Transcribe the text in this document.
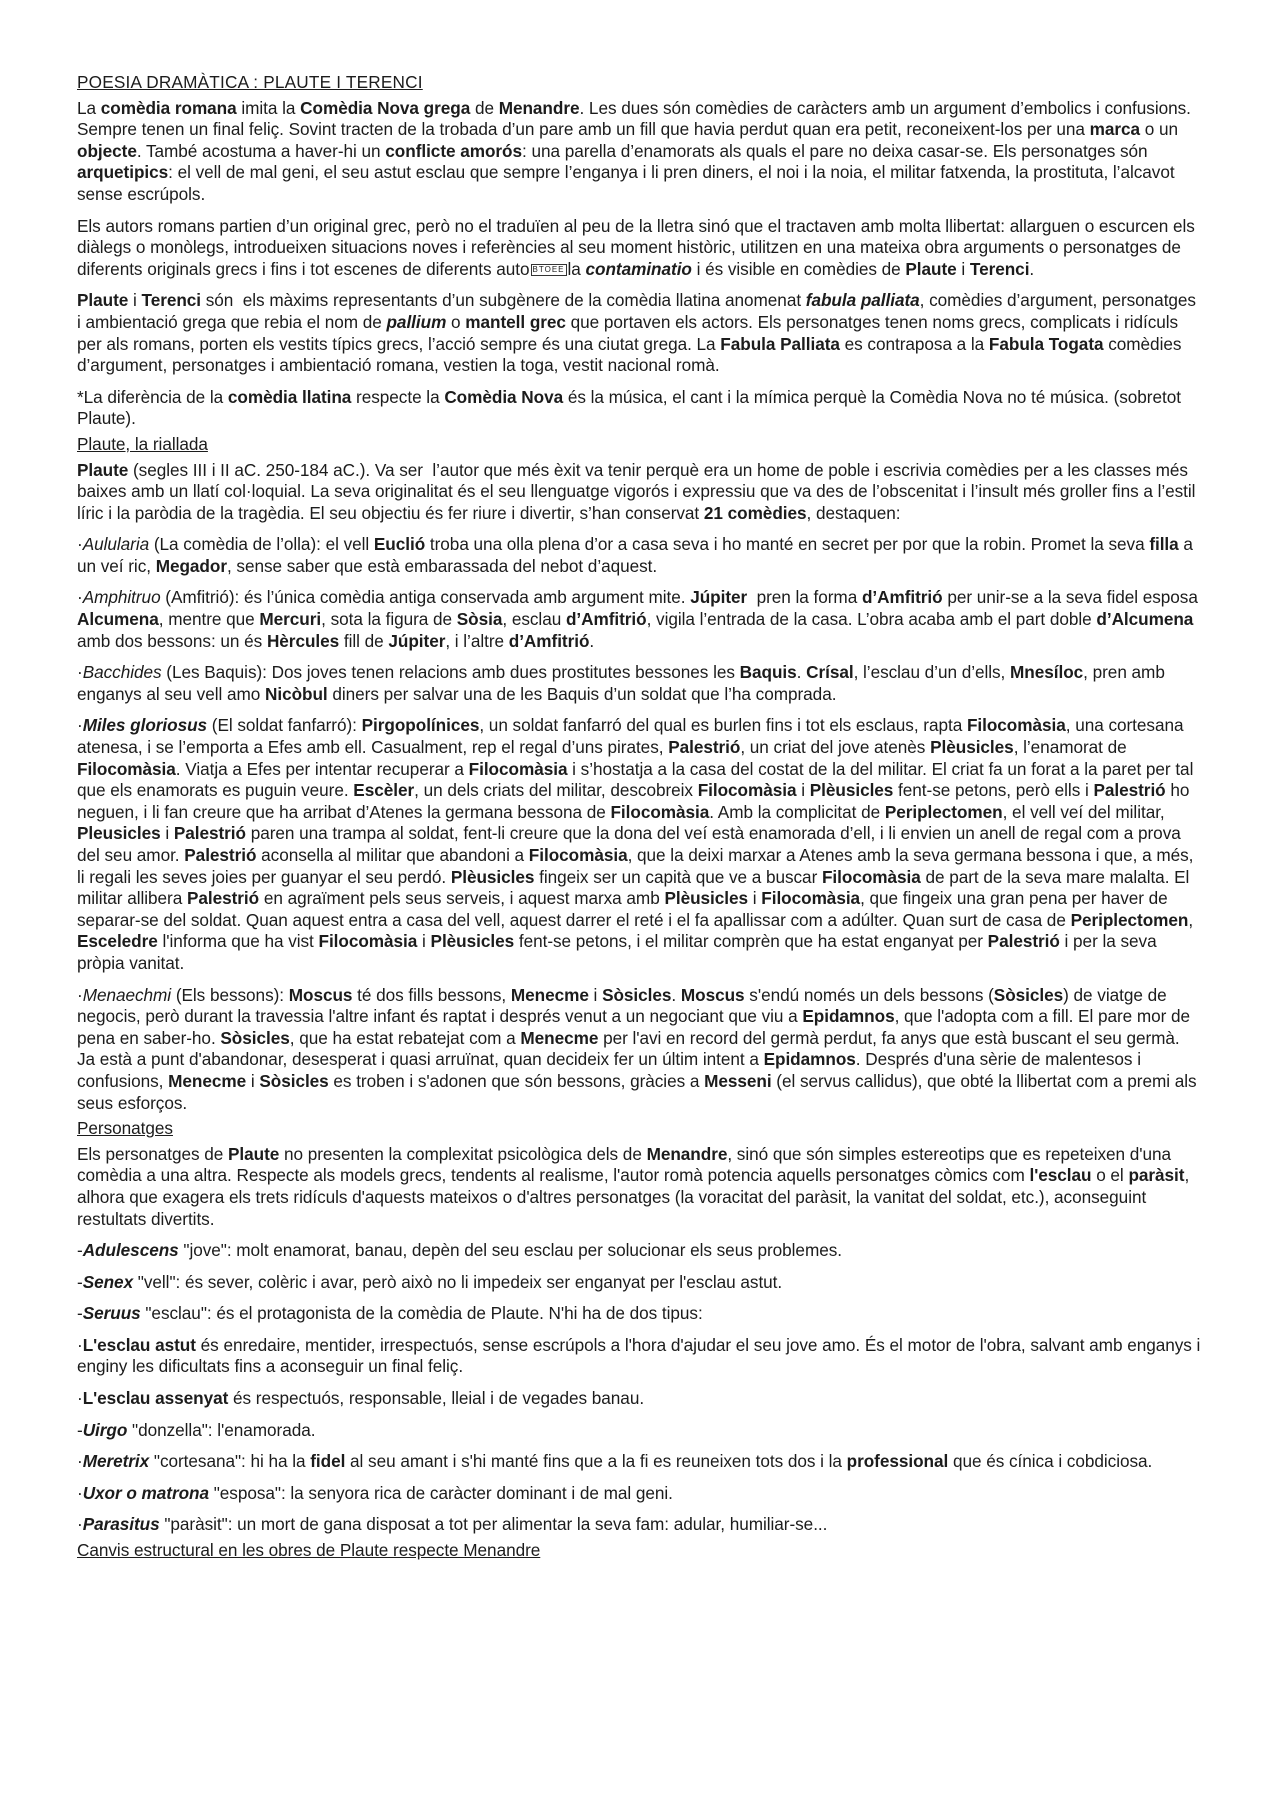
POESIA DRAMÀTICA : PLAUTE I TERENCI

La comèdia romana imita la Comèdia Nova grega de Menandre. Les dues són comèdies de caràcters amb un argument d’embolics i confusions. Sempre tenen un final feliç. Sovint tracten de la trobada d’un pare amb un fill que havia perdut quan era petit, reconeixent-los per una marca o un objecte. També acostuma a haver-hi un conflicte amorós: una parella d’enamorats als quals el pare no deixa casar-se. Els personatges són arquetipics: el vell de mal geni, el seu astut esclau que sempre l’enganya i li pren diners, el noi i la noia, el militar fatxenda, la prostituta, l’alcavot sense escrúpols.

Els autors romans partien d’un original grec, però no el traduïen al peu de la lletra sinó que el tractaven amb molta llibertat: allarguen o escurcen els diàlegs o monòlegs, introdueixen situacions noves i referències al seu moment històric, utilitzen en una mateixa obra arguments o personatges de diferents originals grecs i fins i tot escenes de diferents auto BTOEE la contaminatio i és visible en comèdies de Plaute i Terenci.

Plaute i Terenci són  els màxims representants d’un subgènere de la comèdia llatina anomenat fabula palliata, comèdies d’argument, personatges i ambientació grega que rebia el nom de pallium o mantell grec que portaven els actors. Els personatges tenen noms grecs, complicats i ridículs per als romans, porten els vestits típics grecs, l’acció sempre és una ciutat grega. La Fabula Palliata es contraposa a la Fabula Togata comèdies d’argument, personatges i ambientació romana, vestien la toga, vestit nacional romà.

*La diferència de la comèdia llatina respecte la Comèdia Nova és la música, el cant i la mímica perquè la Comèdia Nova no té música. (sobretot Plaute).

Plaute, la riallada

Plaute (segles III i II aC. 250-184 aC.). Va ser  l’autor que més èxit va tenir perquè era un home de poble i escrivia comèdies per a les classes més baixes amb un llatí col·loquial. La seva originalitat és el seu llenguatge vigorós i expressiu que va des de l’obscenitat i l’insult més groller fins a l’estil líric i la paròdia de la tragèdia. El seu objectiu és fer riure i divertir, s’han conservat 21 comèdies, destaquen:

·Aulularia (La comèdia de l’olla): el vell Euclió troba una olla plena d’or a casa seva i ho manté en secret per por que la robin. Promet la seva filla a un veí ric, Megador, sense saber que està embarassada del nebot d’aquest.

·Amphitruo (Amfitrió): és l’única comèdia antiga conservada amb argument mite. Júpiter  pren la forma d’Amfitrió per unir-se a la seva fidel esposa Alcumena, mentre que Mercuri, sota la figura de Sòsia, esclau d’Amfitrió, vigila l’entrada de la casa. L’obra acaba amb el part doble d’Alcumena amb dos bessons: un és Hèrcules fill de Júpiter, i l’altre d’Amfitrió.

·Bacchides (Les Baquis): Dos joves tenen relacions amb dues prostitutes bessones les Baquis. Crísal, l’esclau d’un d’ells, Mnesíloc, pren amb enganys al seu vell amo Nicòbul diners per salvar una de les Baquis d’un soldat que l’ha comprada.

·Miles gloriosus (El soldat fanfarró): Pirgopolínices, un soldat fanfarró del qual es burlen fins i tot els esclaus, rapta Filocomàsia, una cortesana atenesa, i se l’emporta a Efes amb ell. Casualment, rep el regal d’uns pirates, Palestrió, un criat del jove atenès Plèusicles, l’enamorat de Filocomàsia. Viatja a Efes per intentar recuperar a Filocomàsia i s’hostatja a la casa del costat de la del militar. El criat fa un forat a la paret per tal que els enamorats es puguin veure. Escèler, un dels criats del militar, descobreix Filocomàsia i Plèusicles fent-se petons, però ells i Palestrió ho neguen, i li fan creure que ha arribat d’Atenes la germana bessona de Filocomàsia. Amb la complicitat de Periplectomen, el vell veí del militar, Pleusicles i Palestrió paren una trampa al soldat, fent-li creure que la dona del veí està enamorada d’ell, i li envien un anell de regal com a prova del seu amor. Palestrió aconsella al militar que abandoni a Filocomàsia, que la deixi marxar a Atenes amb la seva germana bessona i que, a més, li regali les seves joies per guanyar el seu perdó. Plèusicles fingeix ser un capità que ve a buscar Filocomàsia de part de la seva mare malalta. El militar allibera Palestrió en agraïment pels seus serveis, i aquest marxa amb Plèusicles i Filocomàsia, que fingeix una gran pena per haver de separar-se del soldat. Quan aquest entra a casa del vell, aquest darrer el reté i el fa apallissar com a adúlter. Quan surt de casa de Periplectomen, Esceledre l'informa que ha vist Filocomàsia i Plèusicles fent-se petons, i el militar comprèn que ha estat enganyat per Palestrió i per la seva pròpia vanitat.

·Menaechmi (Els bessons): Moscus té dos fills bessons, Menecme i Sòsicles. Moscus s'endú només un dels bessons (Sòsicles) de viatge de negocis, però durant la travessia l'altre infant és raptat i després venut a un negociant que viu a Epidamnos, que l'adopta com a fill. El pare mor de pena en saber-ho. Sòsicles, que ha estat rebatejat com a Menecme per l'avi en record del germà perdut, fa anys que està buscant el seu germà. Ja està a punt d'abandonar, desesperat i quasi arruïnat, quan decideix fer un últim intent a Epidamnos. Després d'una sèrie de malentesos i confusions, Menecme i Sòsicles es troben i s'adonen que són bessons, gràcies a Messeni (el servus callidus), que obté la llibertat com a premi als seus esforços.

Personatges

Els personatges de Plaute no presenten la complexitat psicològica dels de Menandre, sinó que són simples estereotips que es repeteixen d'una comèdia a una altra. Respecte als models grecs, tendents al realisme, l'autor romà potencia aquells personatges còmics com l'esclau o el paràsit, alhora que exagera els trets ridículs d'aquests mateixos o d'altres personatges (la voracitat del paràsit, la vanitat del soldat, etc.), aconseguint restultats divertits.

-Adulescens "jove": molt enamorat, banau, depèn del seu esclau per solucionar els seus problemes.

-Senex "vell": és sever, colèric i avar, però això no li impedeix ser enganyat per l'esclau astut.

-Seruus "esclau": és el protagonista de la comèdia de Plaute. N'hi ha de dos tipus:

·L'esclau astut és enredaire, mentider, irrespectuós, sense escrúpols a l'hora d'ajudar el seu jove amo. És el motor de l'obra, salvant amb enganys i enginy les dificultats fins a aconseguir un final feliç.

·L'esclau assenyat és respectuós, responsable, lleial i de vegades banau.

-Uirgo "donzella": l'enamorada.

·Meretrix "cortesana": hi ha la fidel al seu amant i s'hi manté fins que a la fi es reuneixen tots dos i la professional que és cínica i cobdiciosa.

·Uxor o matrona "esposa": la senyora rica de caràcter dominant i de mal geni.

·Parasitus "paràsit": un mort de gana disposat a tot per alimentar la seva fam: adular, humiliar-se...

Canvis estructural en les obres de Plaute respecte Menandre
